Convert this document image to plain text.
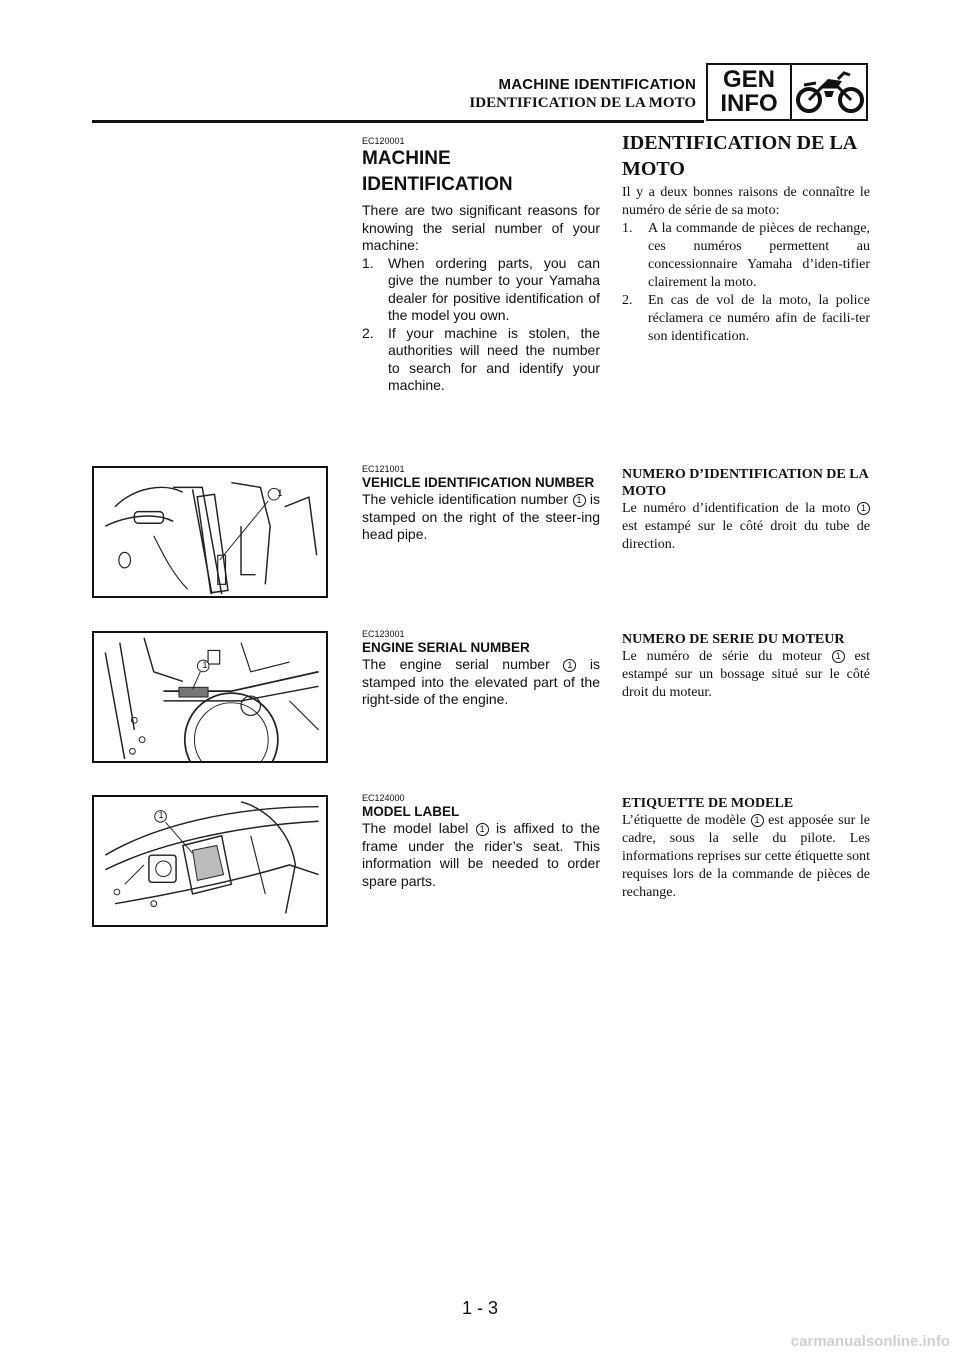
MACHINE IDENTIFICATION
IDENTIFICATION DE LA MOTO
GEN
INFO
EC120001
MACHINE
IDENTIFICATION

There are two significant reasons for knowing the serial number of your machine:

1. When ordering parts, you can give the number to your Yamaha dealer for positive identification of the model you own.
2. If your machine is stolen, the authorities will need the number to search for and identify your machine.
IDENTIFICATION DE LA
MOTO

Il y a deux bonnes raisons de connaître le numéro de série de sa moto:

1. A la commande de pièces de rechange, ces numéros permettent au concessionnaire Yamaha d’iden-tifier clairement la moto.
2. En cas de vol de la moto, la police réclamera ce numéro afin de facili-ter son identification.
1
EC121001
VEHICLE IDENTIFICATION NUMBER

The vehicle identification number 1 is stamped on the right of the steer-ing head pipe.

NUMERO D’IDENTIFICATION DE LA MOTO

Le numéro d’identification de la moto 1 est estampé sur le côté droit du tube de direction.

1
EC123001
ENGINE SERIAL NUMBER

The engine serial number 1 is stamped into the elevated part of the right-side of the engine.

NUMERO DE SERIE DU MOTEUR

Le numéro de série du moteur 1 est estampé sur un bossage situé sur le côté droit du moteur.

1
EC124000
MODEL LABEL

The model label 1 is affixed to the frame under the rider’s seat. This information will be needed to order spare parts.

ETIQUETTE DE MODELE

L’étiquette de modèle 1 est apposée sur le cadre, sous la selle du pilote. Les informations reprises sur cette étiquette sont requises lors de la commande de pièces de rechange.

1 - 3
carmanualsonline.info
